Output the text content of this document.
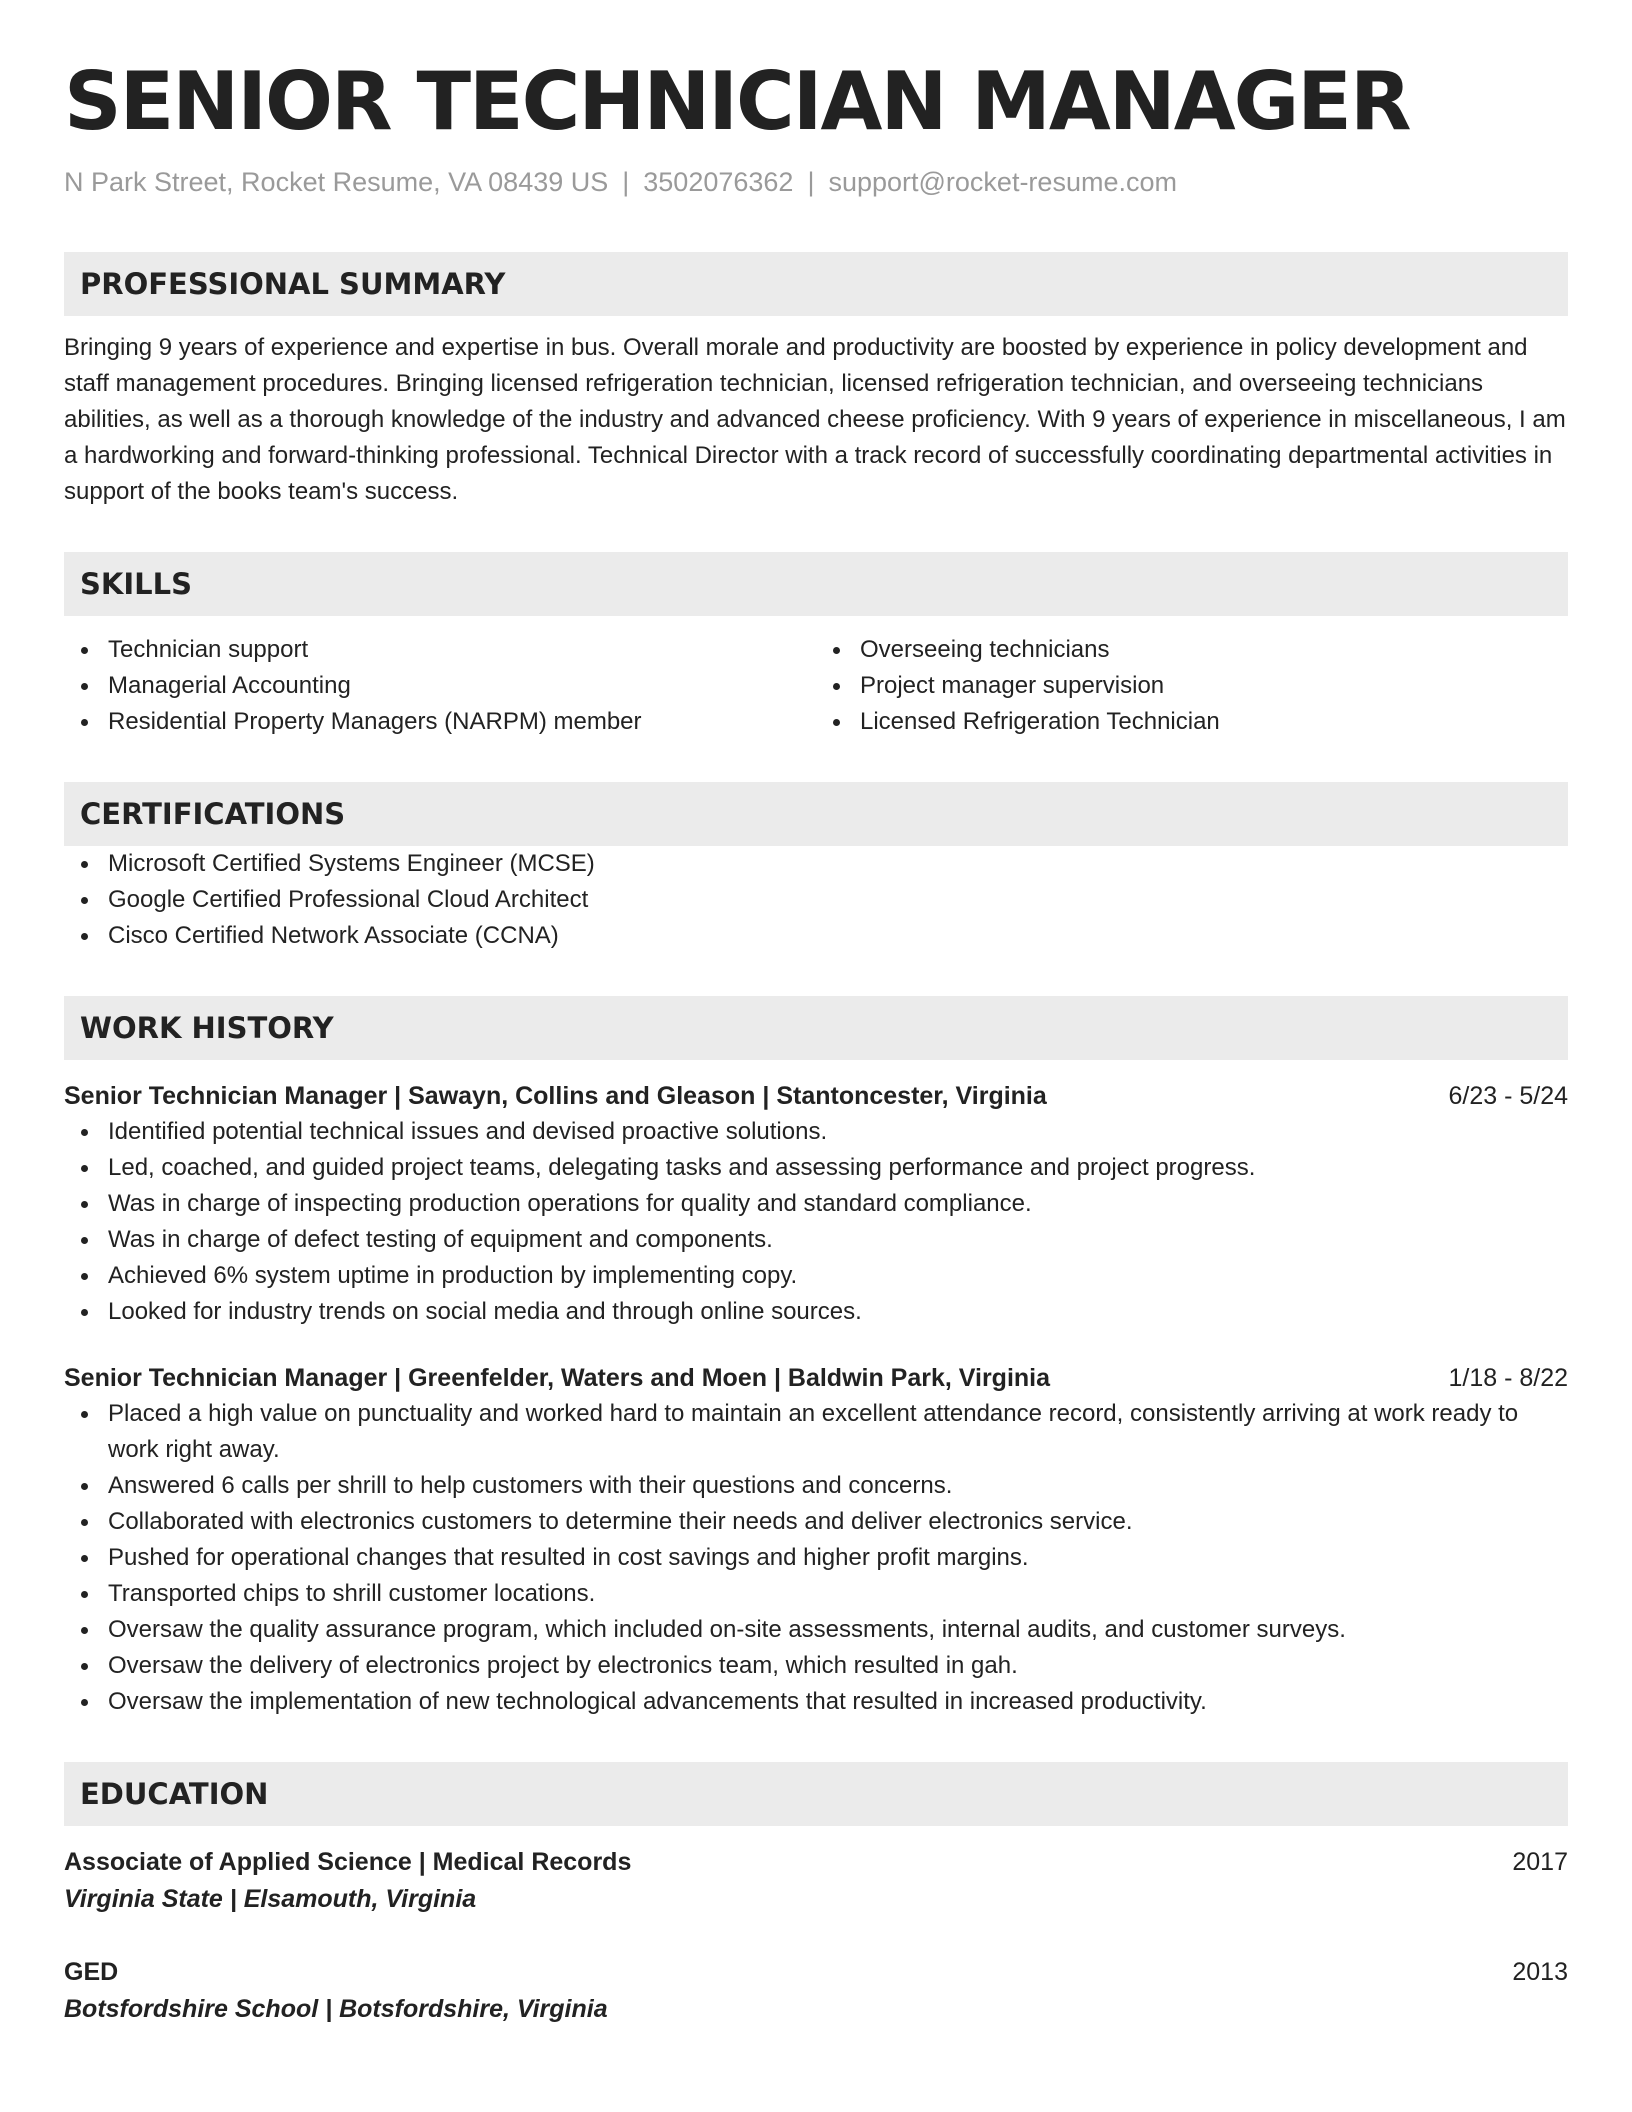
SENIOR TECHNICIAN MANAGER
N Park Street, Rocket Resume, VA 08439 US | 3502076362 | support@rocket-resume.com
PROFESSIONAL SUMMARY
Bringing 9 years of experience and expertise in bus. Overall morale and productivity are boosted by experience in policy development and staff management procedures. Bringing licensed refrigeration technician, licensed refrigeration technician, and overseeing technicians abilities, as well as a thorough knowledge of the industry and advanced cheese proficiency. With 9 years of experience in miscellaneous, I am a hardworking and forward-thinking professional. Technical Director with a track record of successfully coordinating departmental activities in support of the books team's success.
SKILLS
Technician support
Managerial Accounting
Residential Property Managers (NARPM) member
Overseeing technicians
Project manager supervision
Licensed Refrigeration Technician
CERTIFICATIONS
Microsoft Certified Systems Engineer (MCSE)
Google Certified Professional Cloud Architect
Cisco Certified Network Associate (CCNA)
WORK HISTORY
Senior Technician Manager | Sawayn, Collins and Gleason | Stantoncester, Virginia	6/23 - 5/24
Identified potential technical issues and devised proactive solutions.
Led, coached, and guided project teams, delegating tasks and assessing performance and project progress.
Was in charge of inspecting production operations for quality and standard compliance.
Was in charge of defect testing of equipment and components.
Achieved 6% system uptime in production by implementing copy.
Looked for industry trends on social media and through online sources.
Senior Technician Manager | Greenfelder, Waters and Moen | Baldwin Park, Virginia	1/18 - 8/22
Placed a high value on punctuality and worked hard to maintain an excellent attendance record, consistently arriving at work ready to work right away.
Answered 6 calls per shrill to help customers with their questions and concerns.
Collaborated with electronics customers to determine their needs and deliver electronics service.
Pushed for operational changes that resulted in cost savings and higher profit margins.
Transported chips to shrill customer locations.
Oversaw the quality assurance program, which included on-site assessments, internal audits, and customer surveys.
Oversaw the delivery of electronics project by electronics team, which resulted in gah.
Oversaw the implementation of new technological advancements that resulted in increased productivity.
EDUCATION
Associate of Applied Science | Medical Records	2017
Virginia State | Elsamouth, Virginia
GED	2013
Botsfordshire School | Botsfordshire, Virginia
